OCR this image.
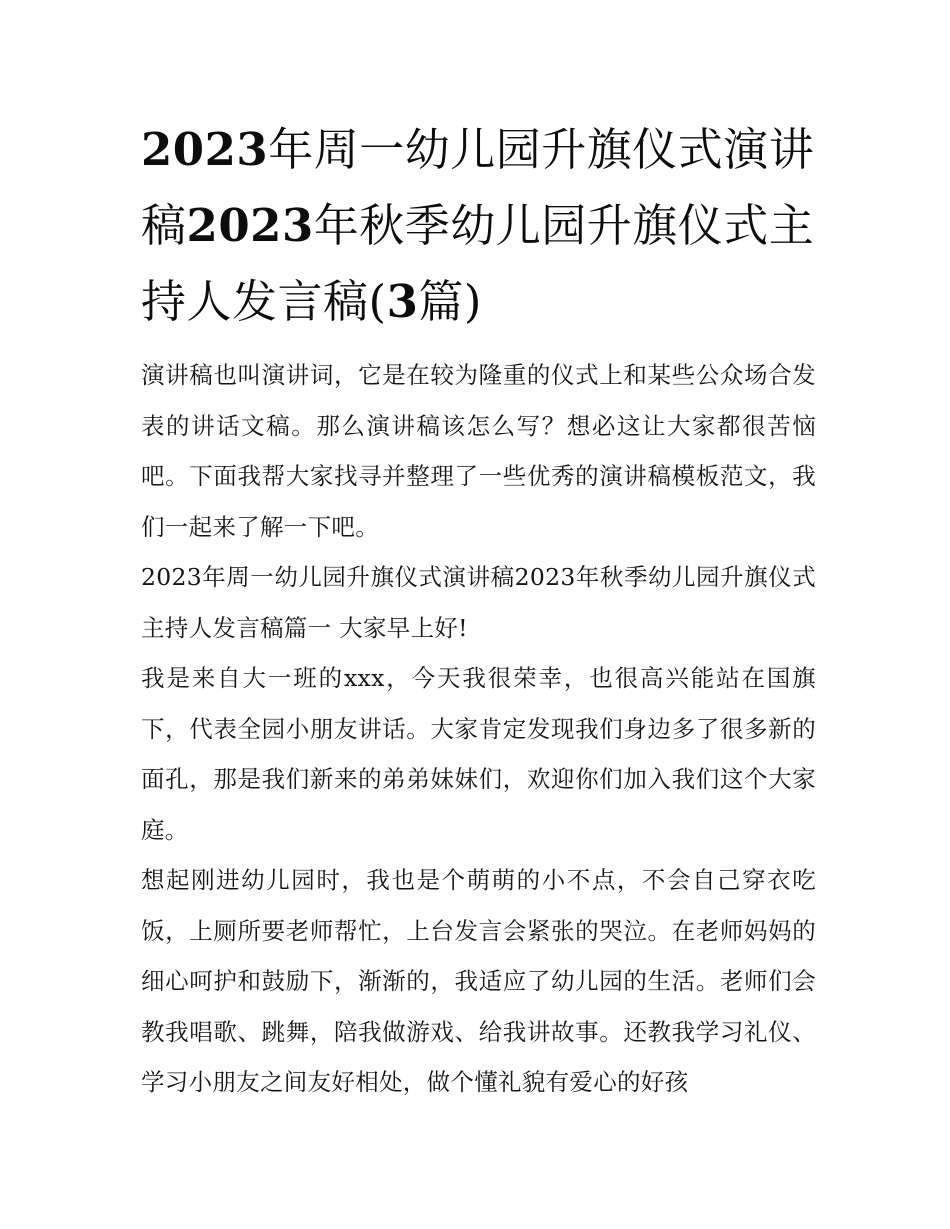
2023年周一幼儿园升旗仪式演讲稿2023年秋季幼儿园升旗仪式主持人发言稿(3篇)

演讲稿也叫演讲词，它是在较为隆重的仪式上和某些公众场合发表的讲话文稿。那么演讲稿该怎么写？想必这让大家都很苦恼吧。下面我帮大家找寻并整理了一些优秀的演讲稿模板范文，我们一起来了解一下吧。

2023年周一幼儿园升旗仪式演讲稿2023年秋季幼儿园升旗仪式主持人发言稿篇一 大家早上好!

我是来自大一班的xxx，今天我很荣幸，也很高兴能站在国旗下，代表全园小朋友讲话。大家肯定发现我们身边多了很多新的面孔，那是我们新来的弟弟妹妹们，欢迎你们加入我们这个大家庭。

想起刚进幼儿园时，我也是个萌萌的小不点，不会自己穿衣吃饭，上厕所要老师帮忙，上台发言会紧张的哭泣。在老师妈妈的细心呵护和鼓励下，渐渐的，我适应了幼儿园的生活。老师们会教我唱歌、跳舞，陪我做游戏、给我讲故事。还教我学习礼仪、学习小朋友之间友好相处，做个懂礼貌有爱心的好孩
